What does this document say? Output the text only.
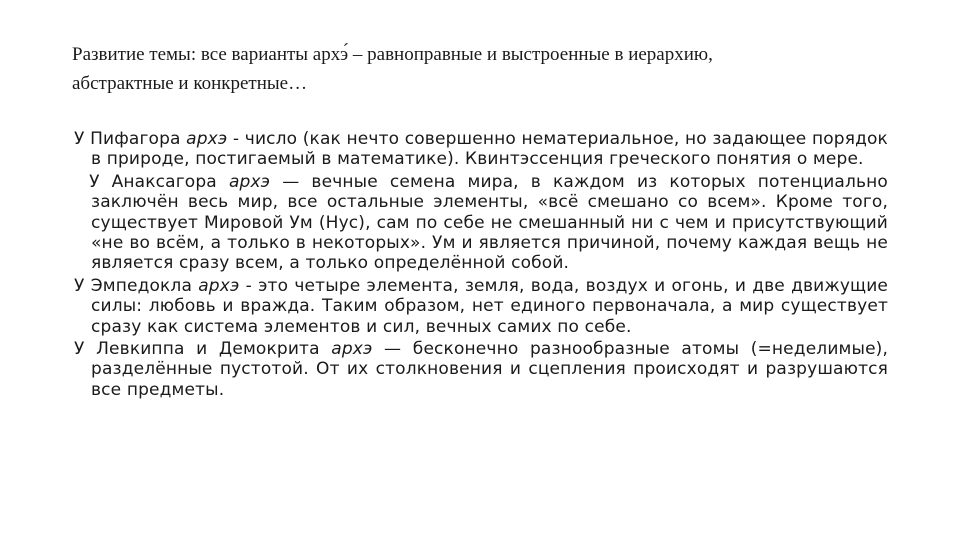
Развитие темы: все варианты архэ́ – равноправные и выстроенные в иерархию,

абстрактные и конкретные…

У Пифагора архэ - число (как нечто совершенно нематериальное, но задающее порядок в природе, постигаемый в математике). Квинтэссенция греческого понятия о мере.

У Анаксагора архэ — вечные семена мира, в каждом из которых потенциально заключён весь мир, все остальные элементы, «всё смешано со всем». Кроме того, существует Мировой Ум (Нус), сам по себе не смешанный ни с чем и присутствующий «не во всём, а только в некоторых». Ум и является причиной, почему каждая вещь не является сразу всем, а только определённой собой.

У Эмпедокла архэ - это четыре элемента, земля, вода, воздух и огонь, и две движущие силы: любовь и вражда. Таким образом, нет единого первоначала, а мир существует сразу как система элементов и сил, вечных самих по себе.

У Левкиппа и Демокрита архэ — бесконечно разнообразные атомы (=неделимые), разделённые пустотой. От их столкновения и сцепления происходят и разрушаются все предметы.
